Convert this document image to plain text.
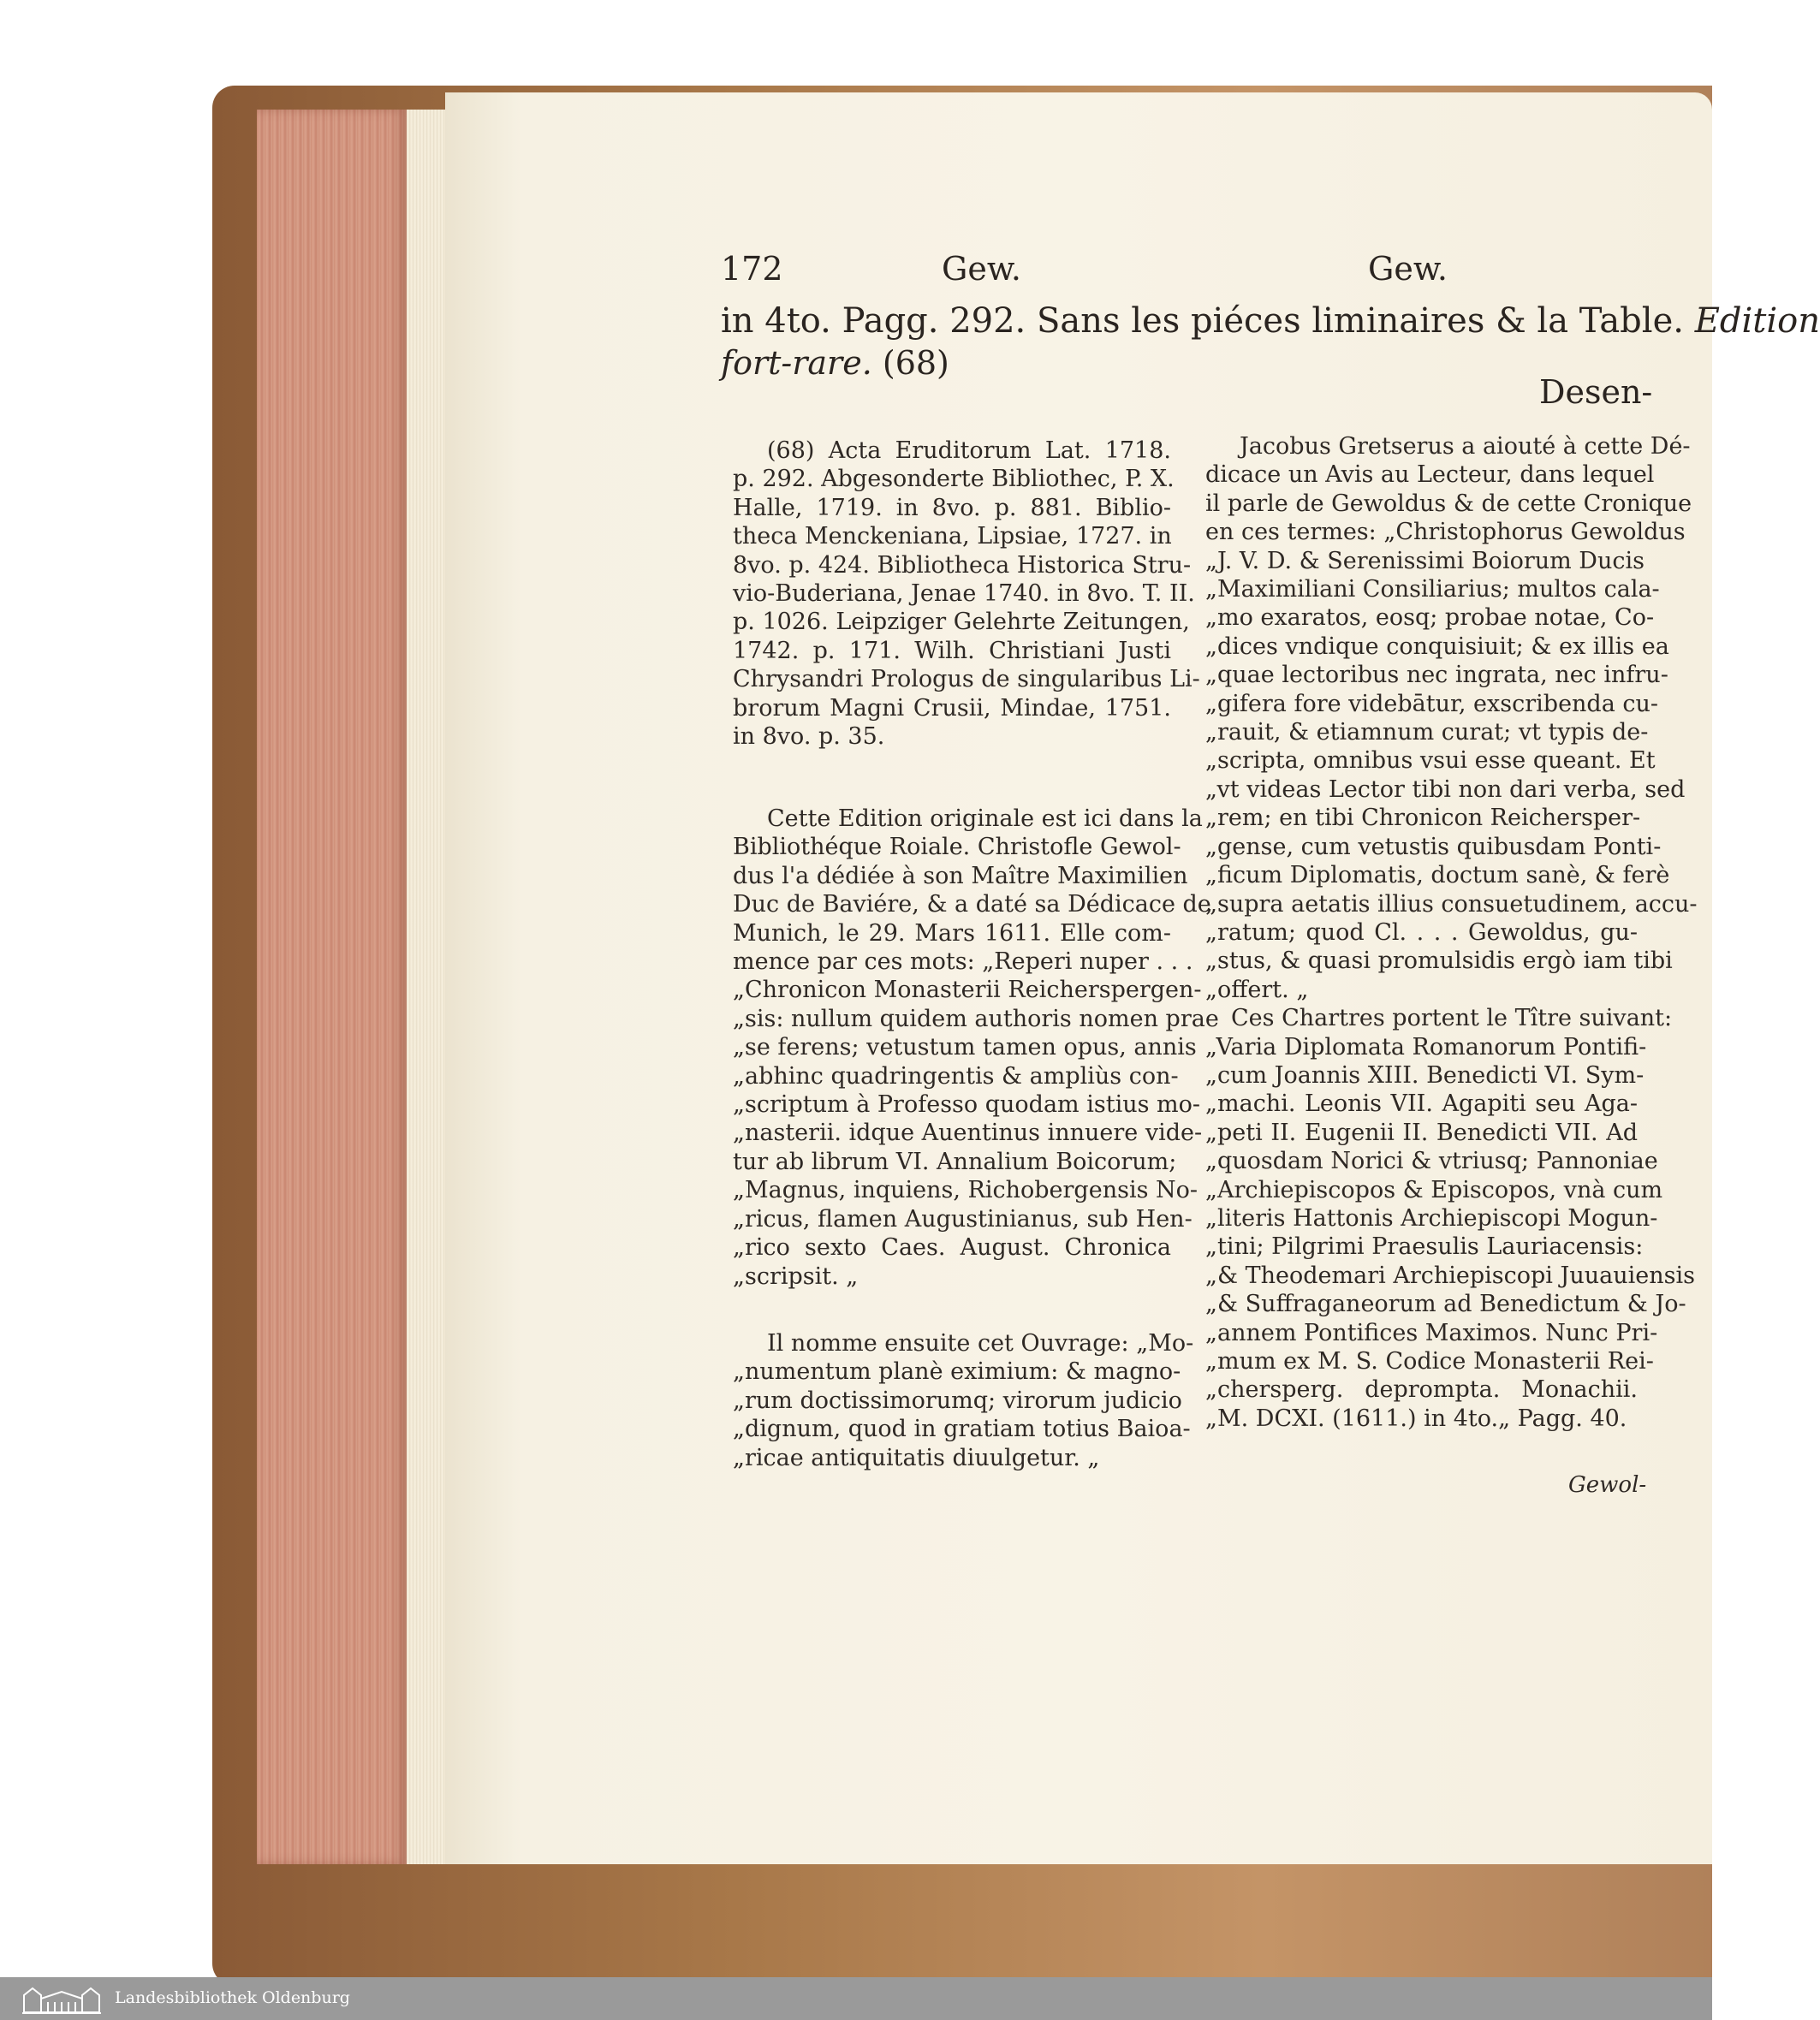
172	Gew.	Gew.
in 4to. Pagg. 292. Sans les piéces liminaires & la Table. Edition
fort-rare. (68)
Desen-

(68) Acta Eruditorum Lat. 1718.

p. 292. Abgesonderte Bibliothec, P. X.

Halle, 1719. in 8vo. p. 881. Biblio-

theca Menckeniana, Lipsiae, 1727. in

8vo. p. 424. Bibliotheca Historica Stru-

vio-Buderiana, Jenae 1740. in 8vo. T. II.

p. 1026. Leipziger Gelehrte Zeitungen,

1742. p. 171. Wilh. Christiani Justi

Chrysandri Prologus de singularibus Li-

brorum Magni Crusii, Mindae, 1751.

in 8vo. p. 35.

Cette Edition originale est ici dans la

Bibliothéque Roiale. Christofle Gewol-

dus l'a dédiée à son Maître Maximilien

Duc de Baviére, & a daté sa Dédicace de

Munich, le 29. Mars 1611. Elle com-

mence par ces mots: „Reperi nuper . . .

„Chronicon Monasterii Reicherspergen-

„sis: nullum quidem authoris nomen prae

„se ferens; vetustum tamen opus, annis

„abhinc quadringentis & ampliùs con-

„scriptum à Professo quodam istius mo-

„nasterii. idque Auentinus innuere vide-

tur ab librum VI. Annalium Boicorum;

„Magnus, inquiens, Richobergensis No-

„ricus, flamen Augustinianus, sub Hen-

„rico sexto Caes. August. Chronica

„scripsit. „

Il nomme ensuite cet Ouvrage: „Mo-

„numentum planè eximium: & magno-

„rum doctissimorumq; virorum judicio

„dignum, quod in gratiam totius Baioa-

„ricae antiquitatis diuulgetur. „

Jacobus Gretserus a aiouté à cette Dé-

dicace un Avis au Lecteur, dans lequel

il parle de Gewoldus & de cette Cronique

en ces termes: „Christophorus Gewoldus

„J. V. D. & Serenissimi Boiorum Ducis

„Maximiliani Consiliarius; multos cala-

„mo exaratos, eosq; probae notae, Co-

„dices vndique conquisiuit; & ex illis ea

„quae lectoribus nec ingrata, nec infru-

„gifera fore videbātur, exscribenda cu-

„rauit, & etiamnum curat; vt typis de-

„scripta, omnibus vsui esse queant. Et

„vt videas Lector tibi non dari verba, sed

„rem; en tibi Chronicon Reichersper-

„gense, cum vetustis quibusdam Ponti-

„ficum Diplomatis, doctum sanè, & ferè

„supra aetatis illius consuetudinem, accu-

„ratum; quod Cl. . . . Gewoldus, gu-

„stus, & quasi promulsidis ergò iam tibi

„offert. „

Ces Chartres portent le Tître suivant:

„Varia Diplomata Romanorum Pontifi-

„cum Joannis XIII. Benedicti VI. Sym-

„machi. Leonis VII. Agapiti seu Aga-

„peti II. Eugenii II. Benedicti VII. Ad

„quosdam Norici & vtriusq; Pannoniae

„Archiepiscopos & Episcopos, vnà cum

„literis Hattonis Archiepiscopi Mogun-

„tini; Pilgrimi Praesulis Lauriacensis:

„& Theodemari Archiepiscopi Juuauiensis

„& Suffraganeorum ad Benedictum & Jo-

„annem Pontifices Maximos. Nunc Pri-

„mum ex M. S. Codice Monasterii Rei-

„chersperg. deprompta. Monachii.

„M. DCXI. (1611.) in 4to.„ Pagg. 40.

Gewol-
Landesbibliothek Oldenburg
